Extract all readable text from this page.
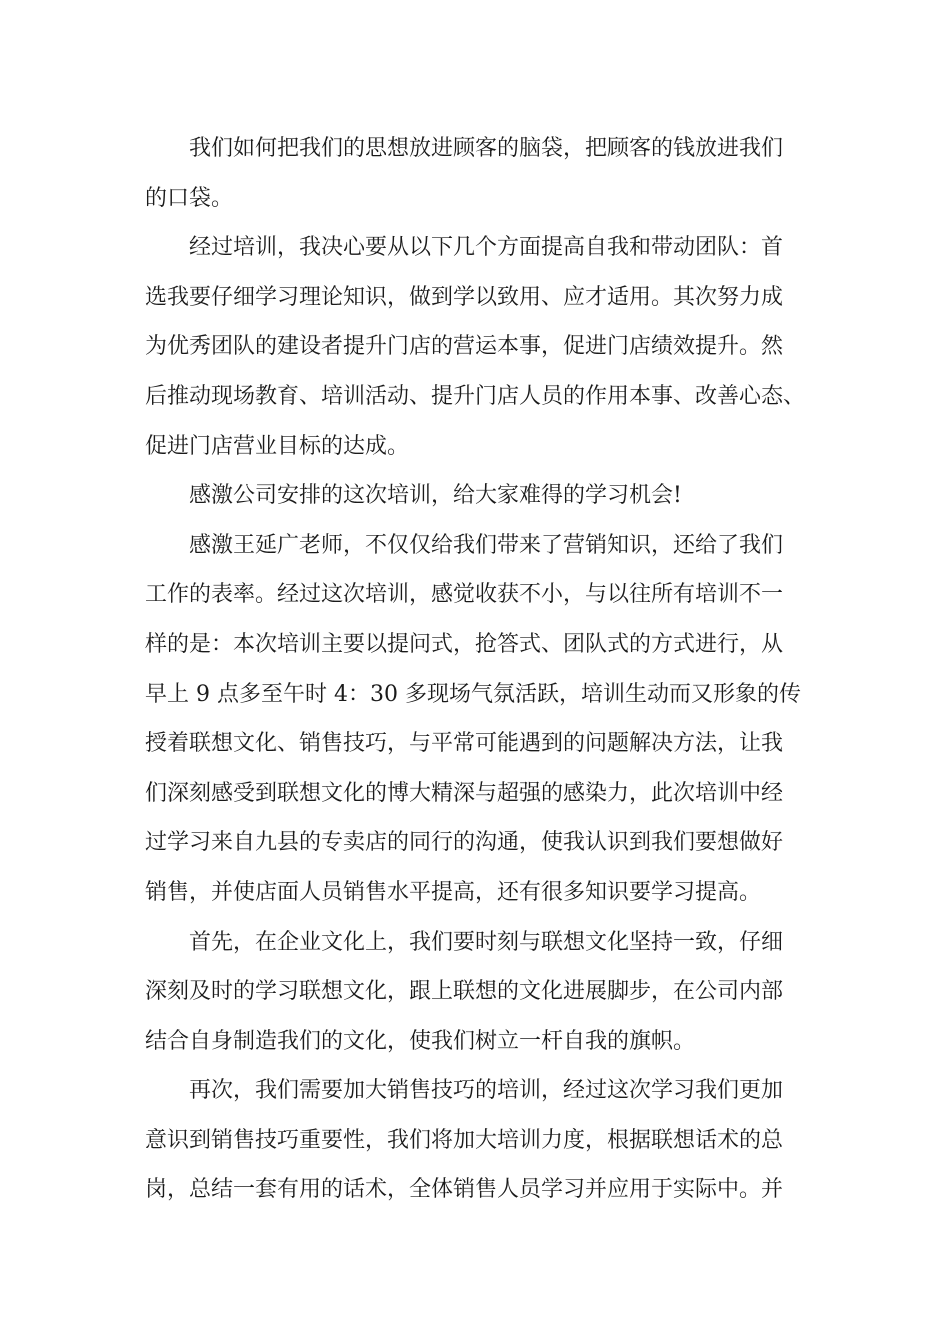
我们如何把我们的思想放进顾客的脑袋，把顾客的钱放进我们
的口袋。
经过培训，我决心要从以下几个方面提高自我和带动团队：首
选我要仔细学习理论知识，做到学以致用、应才适用。其次努力成
为优秀团队的建设者提升门店的营运本事，促进门店绩效提升。然
后推动现场教育、培训活动、提升门店人员的作用本事、改善心态、
促进门店营业目标的达成。
感激公司安排的这次培训，给大家难得的学习机会!
感激王延广老师，不仅仅给我们带来了营销知识，还给了我们
工作的表率。经过这次培训，感觉收获不小，与以往所有培训不一
样的是：本次培训主要以提问式，抢答式、团队式的方式进行，从
早上 9 点多至午时 4：30 多现场气氛活跃，培训生动而又形象的传
授着联想文化、销售技巧，与平常可能遇到的问题解决方法，让我
们深刻感受到联想文化的博大精深与超强的感染力，此次培训中经
过学习来自九县的专卖店的同行的沟通，使我认识到我们要想做好
销售，并使店面人员销售水平提高，还有很多知识要学习提高。
首先，在企业文化上，我们要时刻与联想文化坚持一致，仔细
深刻及时的学习联想文化，跟上联想的文化进展脚步，在公司内部
结合自身制造我们的文化，使我们树立一杆自我的旗帜。
再次，我们需要加大销售技巧的培训，经过这次学习我们更加
意识到销售技巧重要性，我们将加大培训力度，根据联想话术的总
岗，总结一套有用的话术，全体销售人员学习并应用于实际中。并
